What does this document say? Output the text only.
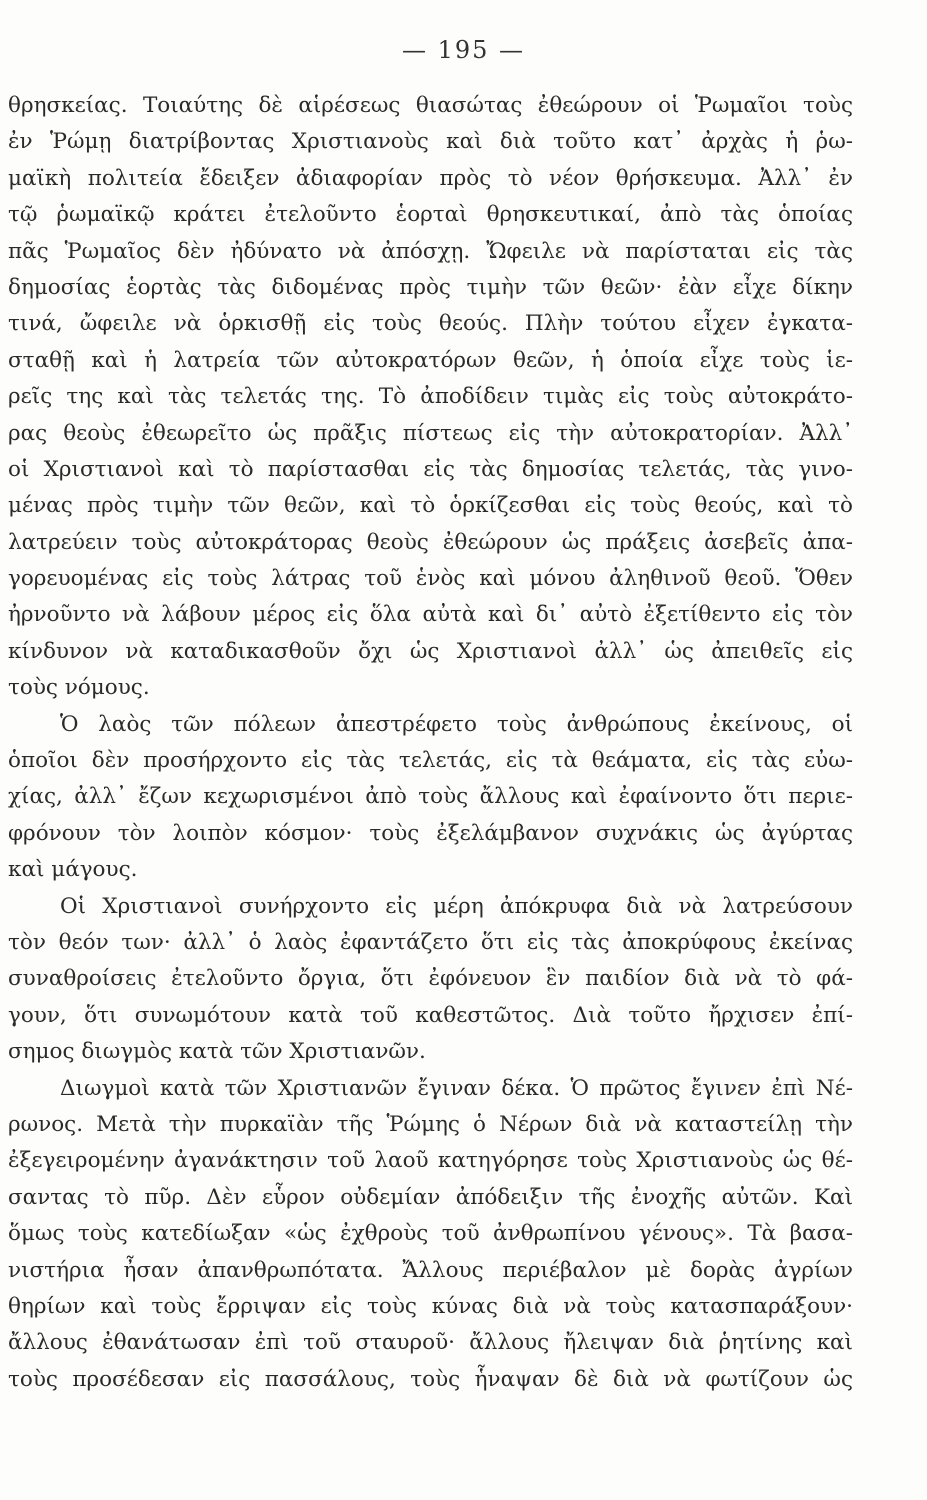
— 195 —
θρησκείας. Τοιαύτης δὲ αἱρέσεως θιασώτας ἐθεώρουν οἱ Ῥωμαῖοι τοὺς
ἐν Ῥώμῃ διατρίβοντας Χριστιανοὺς καὶ διὰ τοῦτο κατ᾽ ἀρχὰς ἡ ῥω-
μαϊκὴ πολιτεία ἔδειξεν ἀδιαφορίαν πρὸς τὸ νέον θρήσκευμα. Ἀλλ᾽ ἐν
τῷ ῥωμαϊκῷ κράτει ἐτελοῦντο ἑορταὶ θρησκευτικαί, ἀπὸ τὰς ὁποίας
πᾶς Ῥωμαῖος δὲν ἠδύνατο νὰ ἀπόσχῃ. Ὤφειλε νὰ παρίσταται εἰς τὰς
δημοσίας ἑορτὰς τὰς διδομένας πρὸς τιμὴν τῶν θεῶν· ἐὰν εἶχε δίκην
τινά, ὤφειλε νὰ ὁρκισθῇ εἰς τοὺς θεούς. Πλὴν τούτου εἶχεν ἐγκατα-
σταθῇ καὶ ἡ λατρεία τῶν αὐτοκρατόρων θεῶν, ἡ ὁποία εἶχε τοὺς ἱε-
ρεῖς της καὶ τὰς τελετάς της. Τὸ ἀποδίδειν τιμὰς εἰς τοὺς αὐτοκράτο-
ρας θεοὺς ἐθεωρεῖτο ὡς πρᾶξις πίστεως εἰς τὴν αὐτοκρατορίαν. Ἀλλ᾽
οἱ Χριστιανοὶ καὶ τὸ παρίστασθαι εἰς τὰς δημοσίας τελετάς, τὰς γινο-
μένας πρὸς τιμὴν τῶν θεῶν, καὶ τὸ ὁρκίζεσθαι εἰς τοὺς θεούς, καὶ τὸ
λατρεύειν τοὺς αὐτοκράτορας θεοὺς ἐθεώρουν ὡς πράξεις ἀσεβεῖς ἀπα-
γορευομένας εἰς τοὺς λάτρας τοῦ ἑνὸς καὶ μόνου ἀληθινοῦ θεοῦ. Ὅθεν
ἠρνοῦντο νὰ λάβουν μέρος εἰς ὅλα αὐτὰ καὶ δι᾽ αὐτὸ ἐξετίθεντο εἰς τὸν
κίνδυνον νὰ καταδικασθοῦν ὄχι ὡς Χριστιανοὶ ἀλλ᾽ ὡς ἀπειθεῖς εἰς
τοὺς νόμους.
Ὁ λαὸς τῶν πόλεων ἀπεστρέφετο τοὺς ἀνθρώπους ἐκείνους, οἱ
ὁποῖοι δὲν προσήρχοντο εἰς τὰς τελετάς, εἰς τὰ θεάματα, εἰς τὰς εὐω-
χίας, ἀλλ᾽ ἔζων κεχωρισμένοι ἀπὸ τοὺς ἄλλους καὶ ἐφαίνοντο ὅτι περιε-
φρόνουν τὸν λοιπὸν κόσμον· τοὺς ἐξελάμβανον συχνάκις ὡς ἀγύρτας
καὶ μάγους.
Οἱ Χριστιανοὶ συνήρχοντο εἰς μέρη ἀπόκρυφα διὰ νὰ λατρεύσουν
τὸν θεόν των· ἀλλ᾽ ὁ λαὸς ἐφαντάζετο ὅτι εἰς τὰς ἀποκρύφους ἐκείνας
συναθροίσεις ἐτελοῦντο ὄργια, ὅτι ἐφόνευον ἓν παιδίον διὰ νὰ τὸ φά-
γουν, ὅτι συνωμότουν κατὰ τοῦ καθεστῶτος. Διὰ τοῦτο ἤρχισεν ἐπί-
σημος διωγμὸς κατὰ τῶν Χριστιανῶν.
Διωγμοὶ κατὰ τῶν Χριστιανῶν ἔγιναν δέκα. Ὁ πρῶτος ἔγινεν ἐπὶ Νέ-
ρωνος. Μετὰ τὴν πυρκαϊὰν τῆς Ῥώμης ὁ Νέρων διὰ νὰ καταστείλῃ τὴν
ἐξεγειρομένην ἀγανάκτησιν τοῦ λαοῦ κατηγόρησε τοὺς Χριστιανοὺς ὡς θέ-
σαντας τὸ πῦρ. Δὲν εὗρον οὐδεμίαν ἀπόδειξιν τῆς ἐνοχῆς αὐτῶν. Καὶ
ὅμως τοὺς κατεδίωξαν «ὡς ἐχθροὺς τοῦ ἀνθρωπίνου γένους». Τὰ βασα-
νιστήρια ἦσαν ἀπανθρωπότατα. Ἄλλους περιέβαλον μὲ δορὰς ἀγρίων
θηρίων καὶ τοὺς ἔρριψαν εἰς τοὺς κύνας διὰ νὰ τοὺς κατασπαράξουν·
ἄλλους ἐθανάτωσαν ἐπὶ τοῦ σταυροῦ· ἄλλους ἤλειψαν διὰ ῥητίνης καὶ
τοὺς προσέδεσαν εἰς πασσάλους, τοὺς ἧναψαν δὲ διὰ νὰ φωτίζουν ὡς
